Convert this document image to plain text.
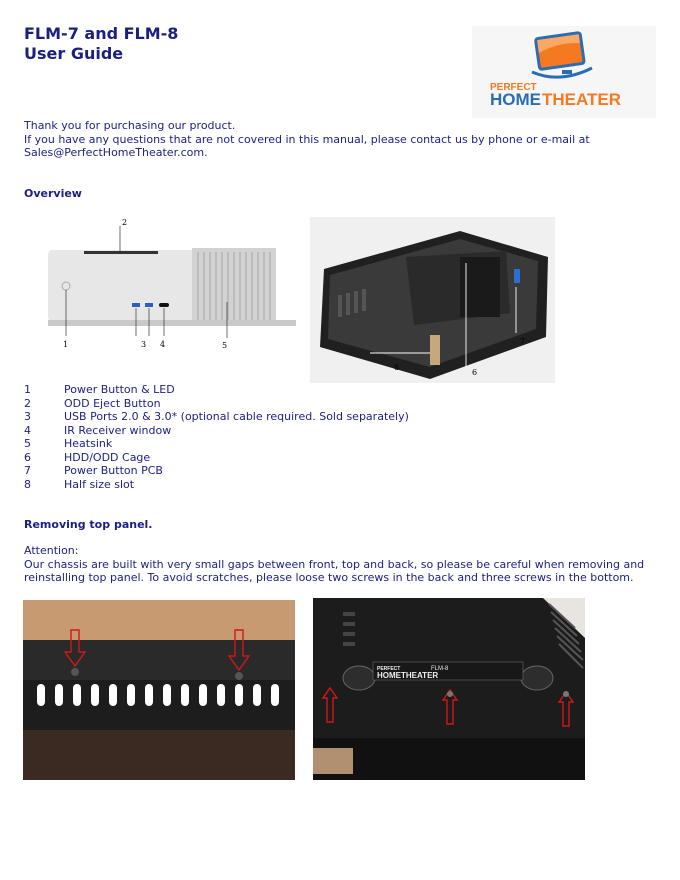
FLM-7 and FLM-8
User Guide
PERFECT
HOME THEATER
Thank you for purchasing our product.
If you have any questions that are not covered in this manual, please contact us by phone or e-mail at
Sales@PerfectHomeTheater.com.
Overview
1
2
3 4	5
6
7
8
1	Power Button & LED
2	ODD Eject Button
3	USB Ports 2.0 & 3.0* (optional cable required. Sold separately)
4	IR Receiver window
5	Heatsink
6	HDD/ODD Cage
7	Power Button PCB
8	Half size slot
Removing top panel.
Attention:
Our chassis are built with very small gaps between front, top and back, so please be careful when removing and
reinstalling top panel. To avoid scratches, please loose two screws in the back and three screws in the bottom.
PERFECT
HOMETHEATER
FLM-8
